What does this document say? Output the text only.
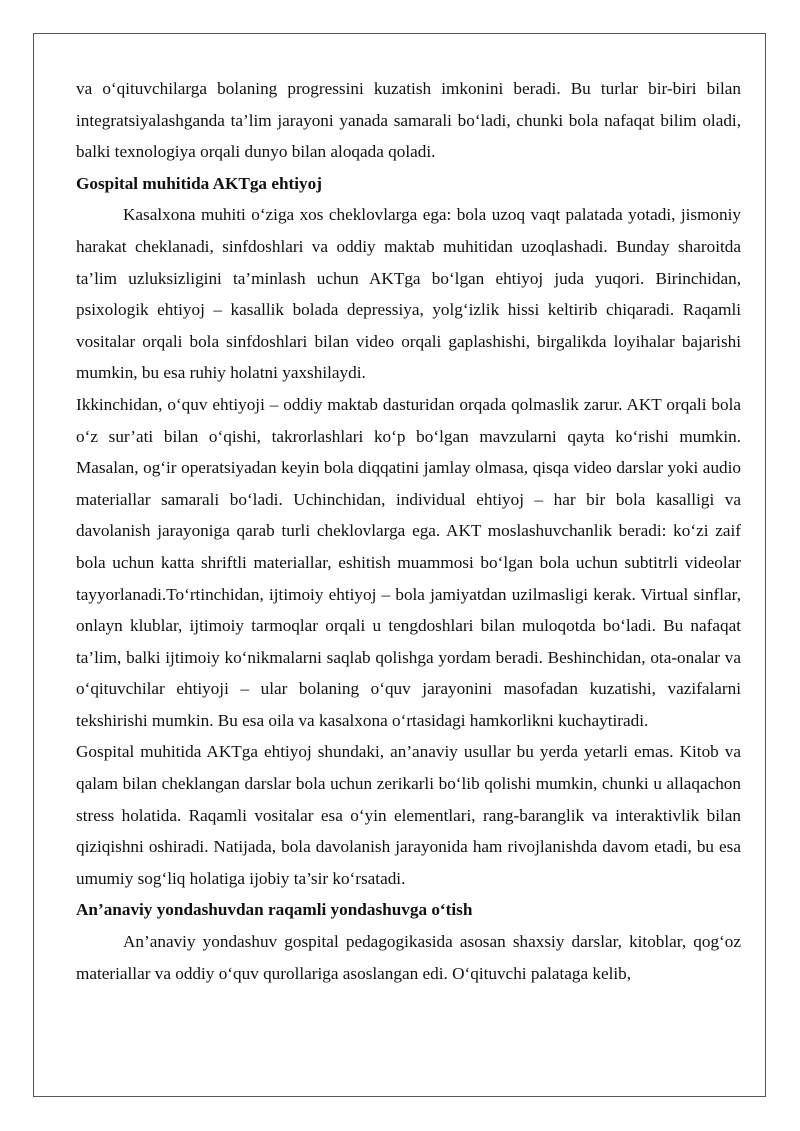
va o‘qituvchilarga bolaning progressini kuzatish imkonini beradi. Bu turlar bir-biri bilan integratsiyalashganda ta’lim jarayoni yanada samarali bo‘ladi, chunki bola nafaqat bilim oladi, balki texnologiya orqali dunyo bilan aloqada qoladi.

Gospital muhitida AKTga ehtiyoj

Kasalxona muhiti o‘ziga xos cheklovlarga ega: bola uzoq vaqt palatada yotadi, jismoniy harakat cheklanadi, sinfdoshlari va oddiy maktab muhitidan uzoqlashadi. Bunday sharoitda ta’lim uzluksizligini ta’minlash uchun AKTga bo‘lgan ehtiyoj juda yuqori. Birinchidan, psixologik ehtiyoj – kasallik bolada depressiya, yolg‘izlik hissi keltirib chiqaradi. Raqamli vositalar orqali bola sinfdoshlari bilan video orqali gaplashishi, birgalikda loyihalar bajarishi mumkin, bu esa ruhiy holatni yaxshilaydi.

Ikkinchidan, o‘quv ehtiyoji – oddiy maktab dasturidan orqada qolmaslik zarur. AKT orqali bola o‘z sur’ati bilan o‘qishi, takrorlashlari ko‘p bo‘lgan mavzularni qayta ko‘rishi mumkin. Masalan, og‘ir operatsiyadan keyin bola diqqatini jamlay olmasa, qisqa video darslar yoki audio materiallar samarali bo‘ladi. Uchinchidan, individual ehtiyoj – har bir bola kasalligi va davolanish jarayoniga qarab turli cheklovlarga ega. AKT moslashuvchanlik beradi: ko‘zi zaif bola uchun katta shriftli materiallar, eshitish muammosi bo‘lgan bola uchun subtitrli videolar tayyorlanadi.To‘rtinchidan, ijtimoiy ehtiyoj – bola jamiyatdan uzilmasligi kerak. Virtual sinflar, onlayn klublar, ijtimoiy tarmoqlar orqali u tengdoshlari bilan muloqotda bo‘ladi. Bu nafaqat ta’lim, balki ijtimoiy ko‘nikmalarni saqlab qolishga yordam beradi. Beshinchidan, ota-onalar va o‘qituvchilar ehtiyoji – ular bolaning o‘quv jarayonini masofadan kuzatishi, vazifalarni tekshirishi mumkin. Bu esa oila va kasalxona o‘rtasidagi hamkorlikni kuchaytiradi.

Gospital muhitida AKTga ehtiyoj shundaki, an’anaviy usullar bu yerda yetarli emas. Kitob va qalam bilan cheklangan darslar bola uchun zerikarli bo‘lib qolishi mumkin, chunki u allaqachon stress holatida. Raqamli vositalar esa o‘yin elementlari, rang-baranglik va interaktivlik bilan qiziqishni oshiradi. Natijada, bola davolanish jarayonida ham rivojlanishda davom etadi, bu esa umumiy sog‘liq holatiga ijobiy ta’sir ko‘rsatadi.

An’anaviy yondashuvdan raqamli yondashuvga o‘tish

An’anaviy yondashuv gospital pedagogikasida asosan shaxsiy darslar, kitoblar, qog‘oz materiallar va oddiy o‘quv qurollariga asoslangan edi. O‘qituvchi palataga kelib,
